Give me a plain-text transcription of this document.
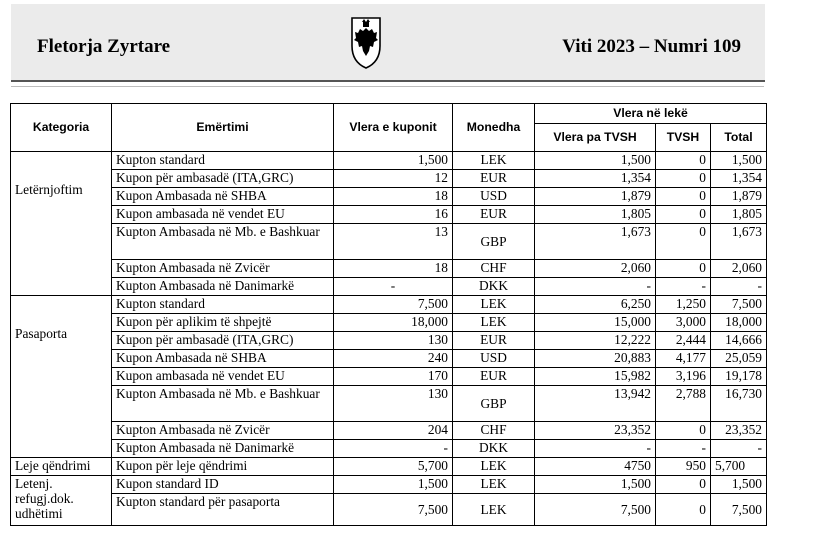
Fletorja Zyrtare	Viti 2023 – Numri 109
Kategoria	Emërtimi	Vlera e kuponit	Monedha	Vlera në lekë		
				Vlera pa TVSH	TVSH	Total
Letërnjoftim	Kupton standard	1,500	LEK	1,500	0	1,500
	Kupon për ambasadë (ITA,GRC)	12	EUR	1,354	0	1,354
	Kupon Ambasada në SHBA	18	USD	1,879	0	1,879
	Kupon ambasada në vendet EU	16	EUR	1,805	0	1,805
	Kupton Ambasada në Mb. e Bashkuar	13	GBP	1,673	0	1,673
	Kupton Ambasada në Zvicër	18	CHF	2,060	0	2,060
	Kupton Ambasada në Danimarkë	-	DKK	-	-	-
Pasaporta	Kupton standard	7,500	LEK	6,250	1,250	7,500
	Kupon për aplikim të shpejtë	18,000	LEK	15,000	3,000	18,000
	Kupon për ambasadë (ITA,GRC)	130	EUR	12,222	2,444	14,666
	Kupon Ambasada në SHBA	240	USD	20,883	4,177	25,059
	Kupon ambasada në vendet EU	170	EUR	15,982	3,196	19,178
	Kupton Ambasada në Mb. e Bashkuar	130	GBP	13,942	2,788	16,730
	Kupton Ambasada në Zvicër	204	CHF	23,352	0	23,352
	Kupton Ambasada në Danimarkë	-	DKK	-	-	-
Leje qëndrimi	Kupon për leje qëndrimi	5,700	LEK	4750	950	5,700
Letenj. refugj.dok. udhëtimi	Kupon standard ID	1,500	LEK	1,500	0	1,500
	Kupton standard për pasaporta	7,500	LEK	7,500	0	7,500
